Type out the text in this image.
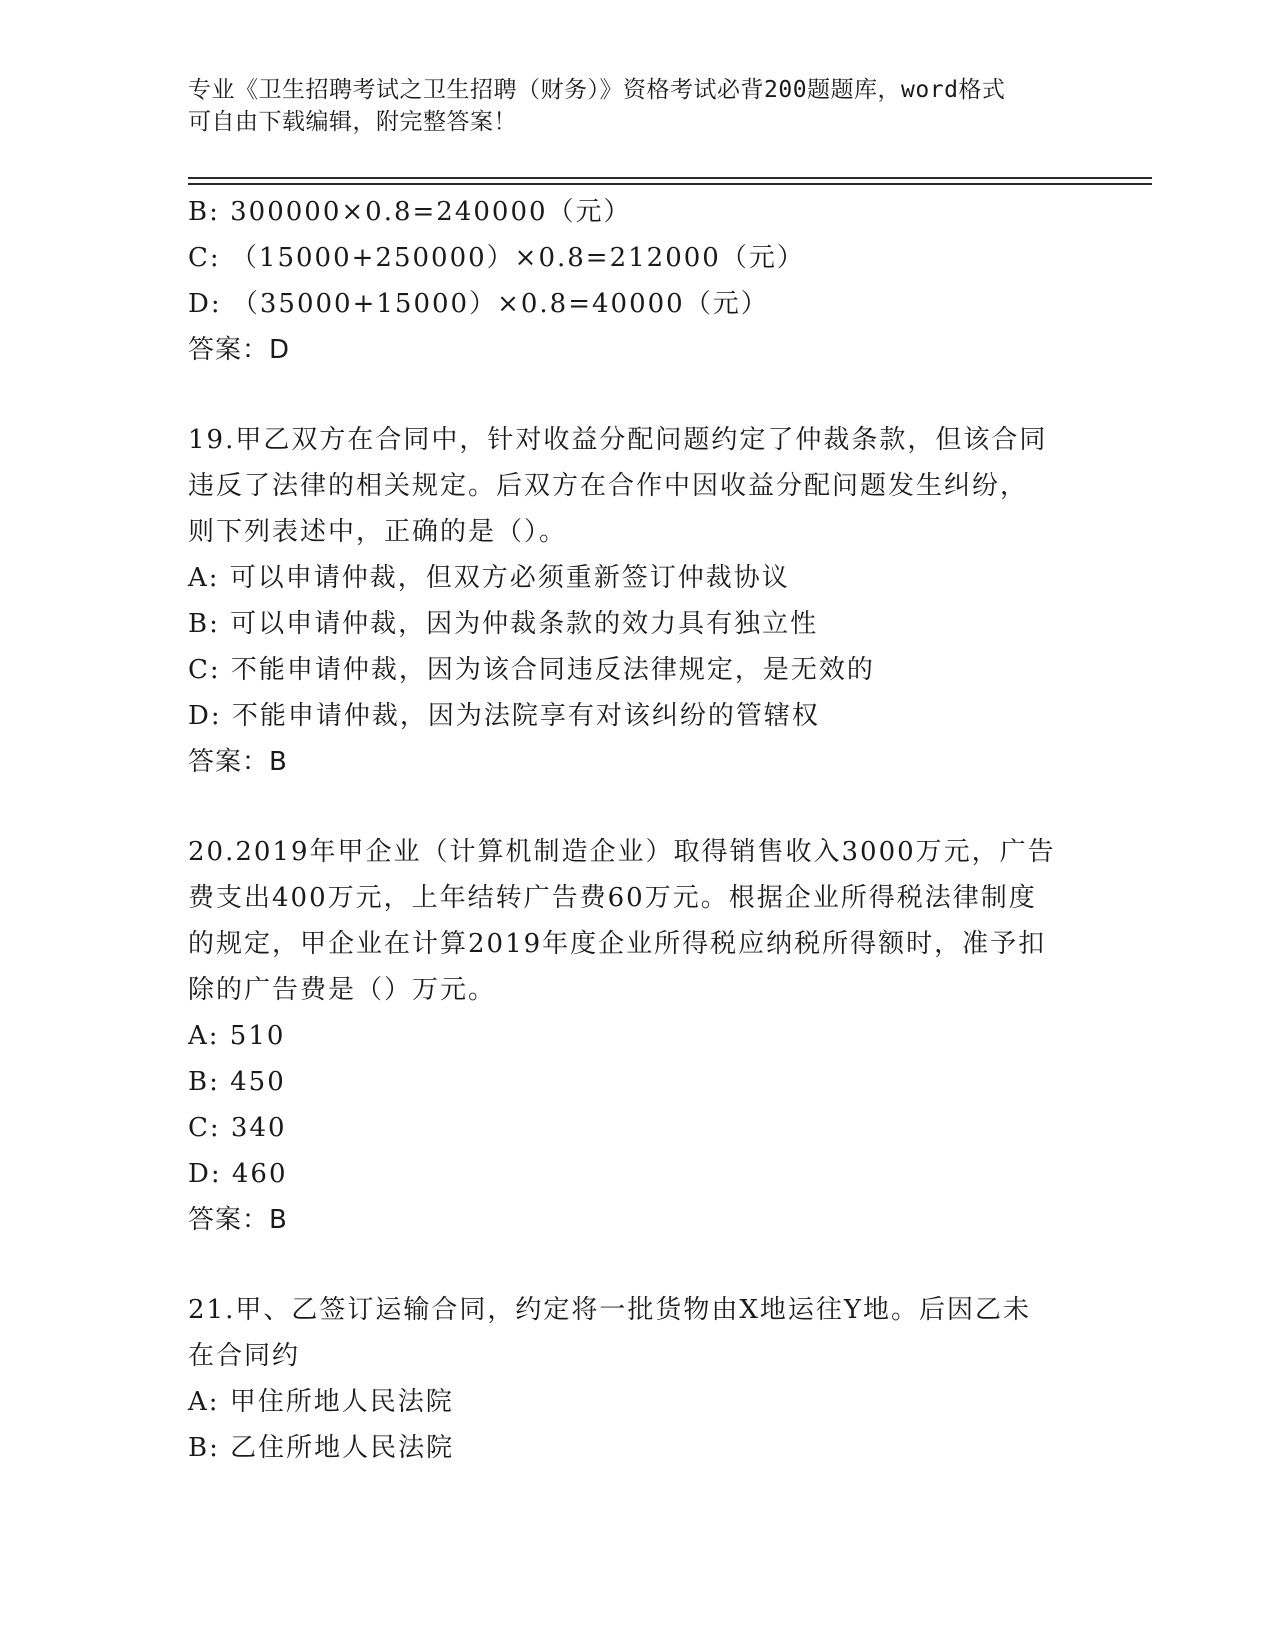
专业《卫生招聘考试之卫生招聘（财务）》资格考试必背200题题库，word格式
可自由下载编辑，附完整答案！
B: 300000×0.8=240000（元）
C: （15000+250000）×0.8=212000（元）
D: （35000+15000）×0.8=40000（元）
答案：D
19.甲乙双方在合同中，针对收益分配问题约定了仲裁条款，但该合同
违反了法律的相关规定。后双方在合作中因收益分配问题发生纠纷，
则下列表述中，正确的是（）。
A: 可以申请仲裁，但双方必须重新签订仲裁协议
B: 可以申请仲裁，因为仲裁条款的效力具有独立性
C: 不能申请仲裁，因为该合同违反法律规定，是无效的
D: 不能申请仲裁，因为法院享有对该纠纷的管辖权
答案：B
20.2019年甲企业（计算机制造企业）取得销售收入3000万元，广告
费支出400万元，上年结转广告费60万元。根据企业所得税法律制度
的规定，甲企业在计算2019年度企业所得税应纳税所得额时，准予扣
除的广告费是（）万元。
A: 510
B: 450
C: 340
D: 460
答案：B
21.甲、乙签订运输合同，约定将一批货物由X地运往Y地。后因乙未
在合同约
A: 甲住所地人民法院
B: 乙住所地人民法院
